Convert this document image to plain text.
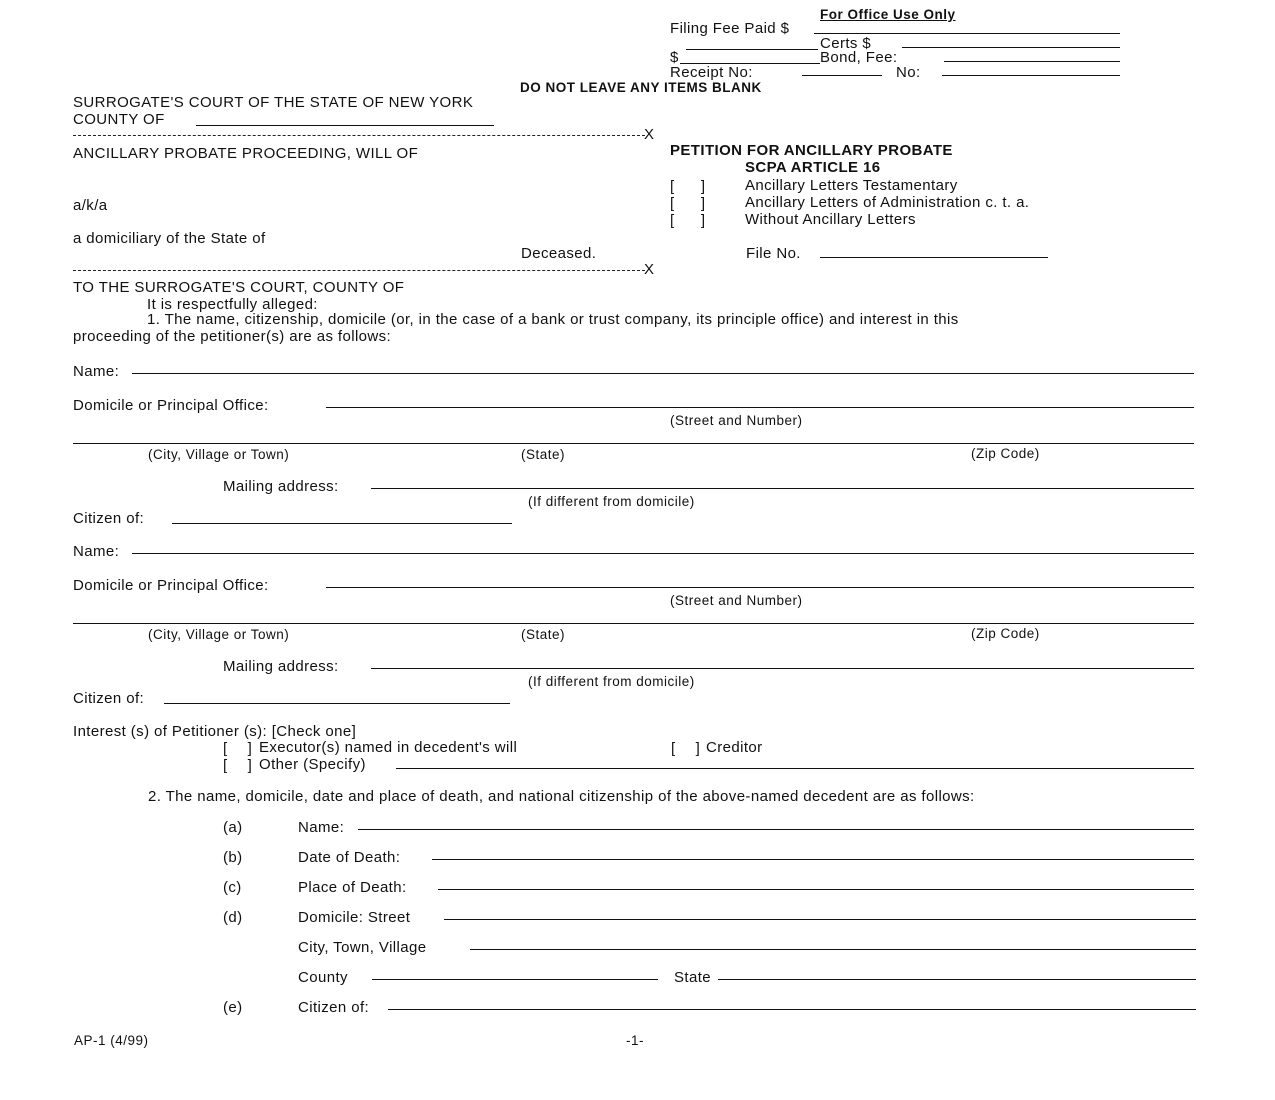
For Office Use Only
Filing Fee Paid $
$
Certs $
Bond, Fee:
Receipt No:	No:
DO NOT LEAVE ANY ITEMS BLANK
SURROGATE'S COURT OF THE STATE OF NEW YORK
COUNTY OF
X
ANCILLARY PROBATE PROCEEDING, WILL OF
a/k/a
a domiciliary of the State of
Deceased.
X
PETITION FOR ANCILLARY PROBATE
SCPA ARTICLE 16
[    ]	Ancillary Letters Testamentary
[    ]	Ancillary Letters of Administration c. t. a.
[    ]	Without Ancillary Letters
File No.
TO THE SURROGATE'S COURT, COUNTY OF
It is respectfully alleged:
1. The name, citizenship, domicile (or, in the case of a bank or trust company, its principle office) and interest in this
proceeding of the petitioner(s) are as follows:
Name:
Domicile or Principal Office:
(Street and Number)
(City, Village or Town)	(State)	(Zip Code)
Mailing address:
(If different from domicile)
Citizen of:
Name:
Domicile or Principal Office:
(Street and Number)
(City, Village or Town)	(State)	(Zip Code)
Mailing address:
(If different from domicile)
Citizen of:
Interest (s) of Petitioner (s): [Check one]
[   ] Executor(s) named in decedent's will	[   ] Creditor
[   ] Other (Specify)
2. The name, domicile, date and place of death, and national citizenship of the above-named decedent are as follows:
(a)	Name:
(b)	Date of Death:
(c)	Place of Death:
(d)	Domicile: Street
City, Town, Village
County	State
(e)	Citizen of:
AP-1 (4/99)	-1-
